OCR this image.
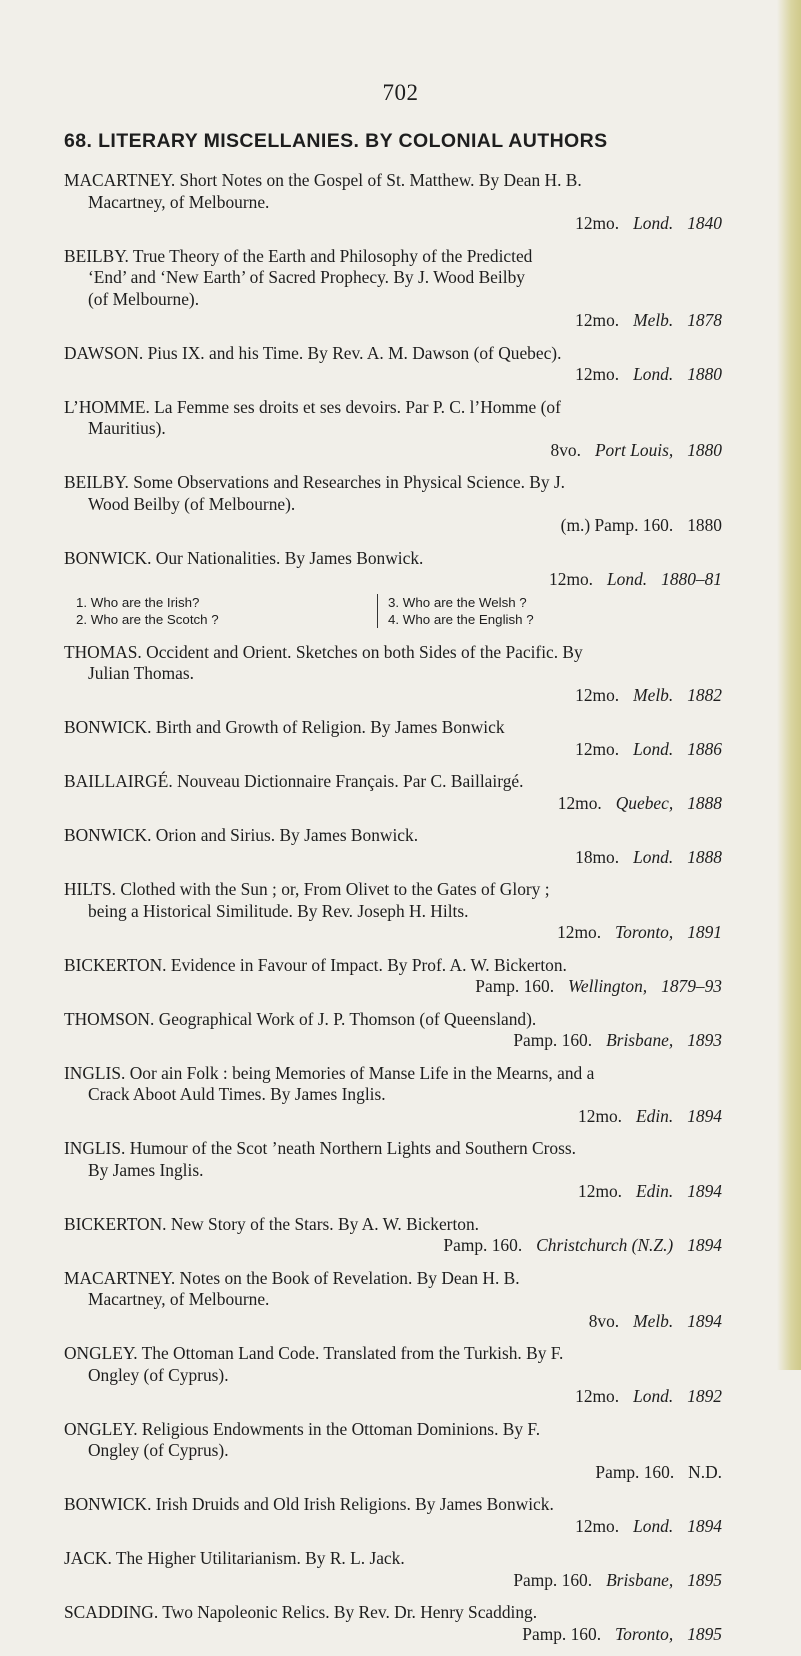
702
68. LITERARY MISCELLANIES. BY COLONIAL AUTHORS
MACARTNEY. Short Notes on the Gospel of St. Matthew. By Dean H. B.
Macartney, of Melbourne.
12mo. Lond. 1840
BEILBY. True Theory of the Earth and Philosophy of the Predicted
‘End’ and ‘New Earth’ of Sacred Prophecy. By J. Wood Beilby
(of Melbourne).
12mo. Melb. 1878
DAWSON. Pius IX. and his Time. By Rev. A. M. Dawson (of Quebec).
12mo. Lond. 1880
L’HOMME. La Femme ses droits et ses devoirs. Par P. C. l’Homme (of
Mauritius).
8vo. Port Louis, 1880
BEILBY. Some Observations and Researches in Physical Science. By J.
Wood Beilby (of Melbourne).
(m.) Pamp. 160. 1880
BONWICK. Our Nationalities. By James Bonwick.
12mo. Lond. 1880–81
1. Who are the Irish?
2. Who are the Scotch ?
3. Who are the Welsh ?
4. Who are the English ?
THOMAS. Occident and Orient. Sketches on both Sides of the Pacific. By
Julian Thomas.
12mo. Melb. 1882
BONWICK. Birth and Growth of Religion. By James Bonwick
12mo. Lond. 1886
BAILLAIRGÉ. Nouveau Dictionnaire Français. Par C. Baillairgé.
12mo. Quebec, 1888
BONWICK. Orion and Sirius. By James Bonwick.
18mo. Lond. 1888
HILTS. Clothed with the Sun ; or, From Olivet to the Gates of Glory ;
being a Historical Similitude. By Rev. Joseph H. Hilts.
12mo. Toronto, 1891
BICKERTON. Evidence in Favour of Impact. By Prof. A. W. Bickerton.
Pamp. 160. Wellington, 1879–93
THOMSON. Geographical Work of J. P. Thomson (of Queensland).
Pamp. 160. Brisbane, 1893
INGLIS. Oor ain Folk : being Memories of Manse Life in the Mearns, and a
Crack Aboot Auld Times. By James Inglis.
12mo. Edin. 1894
INGLIS. Humour of the Scot ’neath Northern Lights and Southern Cross.
By James Inglis.
12mo. Edin. 1894
BICKERTON. New Story of the Stars. By A. W. Bickerton.
Pamp. 160. Christchurch (N.Z.) 1894
MACARTNEY. Notes on the Book of Revelation. By Dean H. B.
Macartney, of Melbourne.
8vo. Melb. 1894
ONGLEY. The Ottoman Land Code. Translated from the Turkish. By F.
Ongley (of Cyprus).
12mo. Lond. 1892
ONGLEY. Religious Endowments in the Ottoman Dominions. By F.
Ongley (of Cyprus).
Pamp. 160. N.D.
BONWICK. Irish Druids and Old Irish Religions. By James Bonwick.
12mo. Lond. 1894
JACK. The Higher Utilitarianism. By R. L. Jack.
Pamp. 160. Brisbane, 1895
SCADDING. Two Napoleonic Relics. By Rev. Dr. Henry Scadding.
Pamp. 160. Toronto, 1895
